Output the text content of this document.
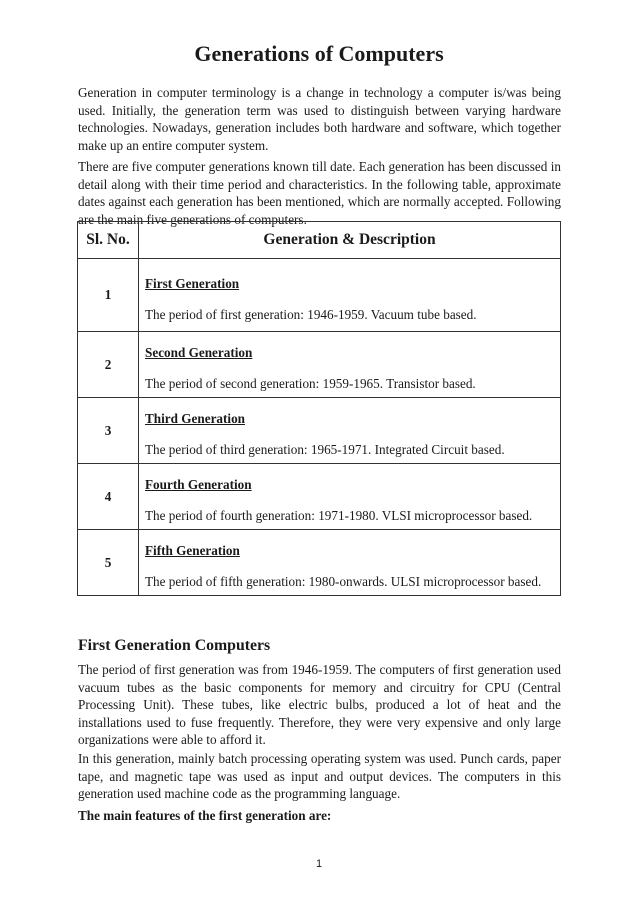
Generations of Computers

Generation in computer terminology is a change in technology a computer is/was being used. Initially, the generation term was used to distinguish between varying hardware technologies. Nowadays, generation includes both hardware and software, which together make up an entire computer system.

There are five computer generations known till date. Each generation has been discussed in detail along with their time period and characteristics. In the following table, approximate dates against each generation has been mentioned, which are normally accepted. Following are the main five generations of computers.

Sl. No.	Generation & Description
1	First Generation
The period of first generation: 1946-1959. Vacuum tube based.

2	Second Generation
The period of second generation: 1959-1965. Transistor based.

3	Third Generation
The period of third generation: 1965-1971. Integrated Circuit based.

4	Fourth Generation
The period of fourth generation: 1971-1980. VLSI microprocessor based.

5	Fifth Generation
The period of fifth generation: 1980-onwards. ULSI microprocessor based.
First Generation Computers

The period of first generation was from 1946-1959. The computers of first generation used vacuum tubes as the basic components for memory and circuitry for CPU (Central Processing Unit). These tubes, like electric bulbs, produced a lot of heat and the installations used to fuse frequently. Therefore, they were very expensive and only large organizations were able to afford it.

In this generation, mainly batch processing operating system was used. Punch cards, paper tape, and magnetic tape was used as input and output devices. The computers in this generation used machine code as the programming language.

The main features of the first generation are:

1
